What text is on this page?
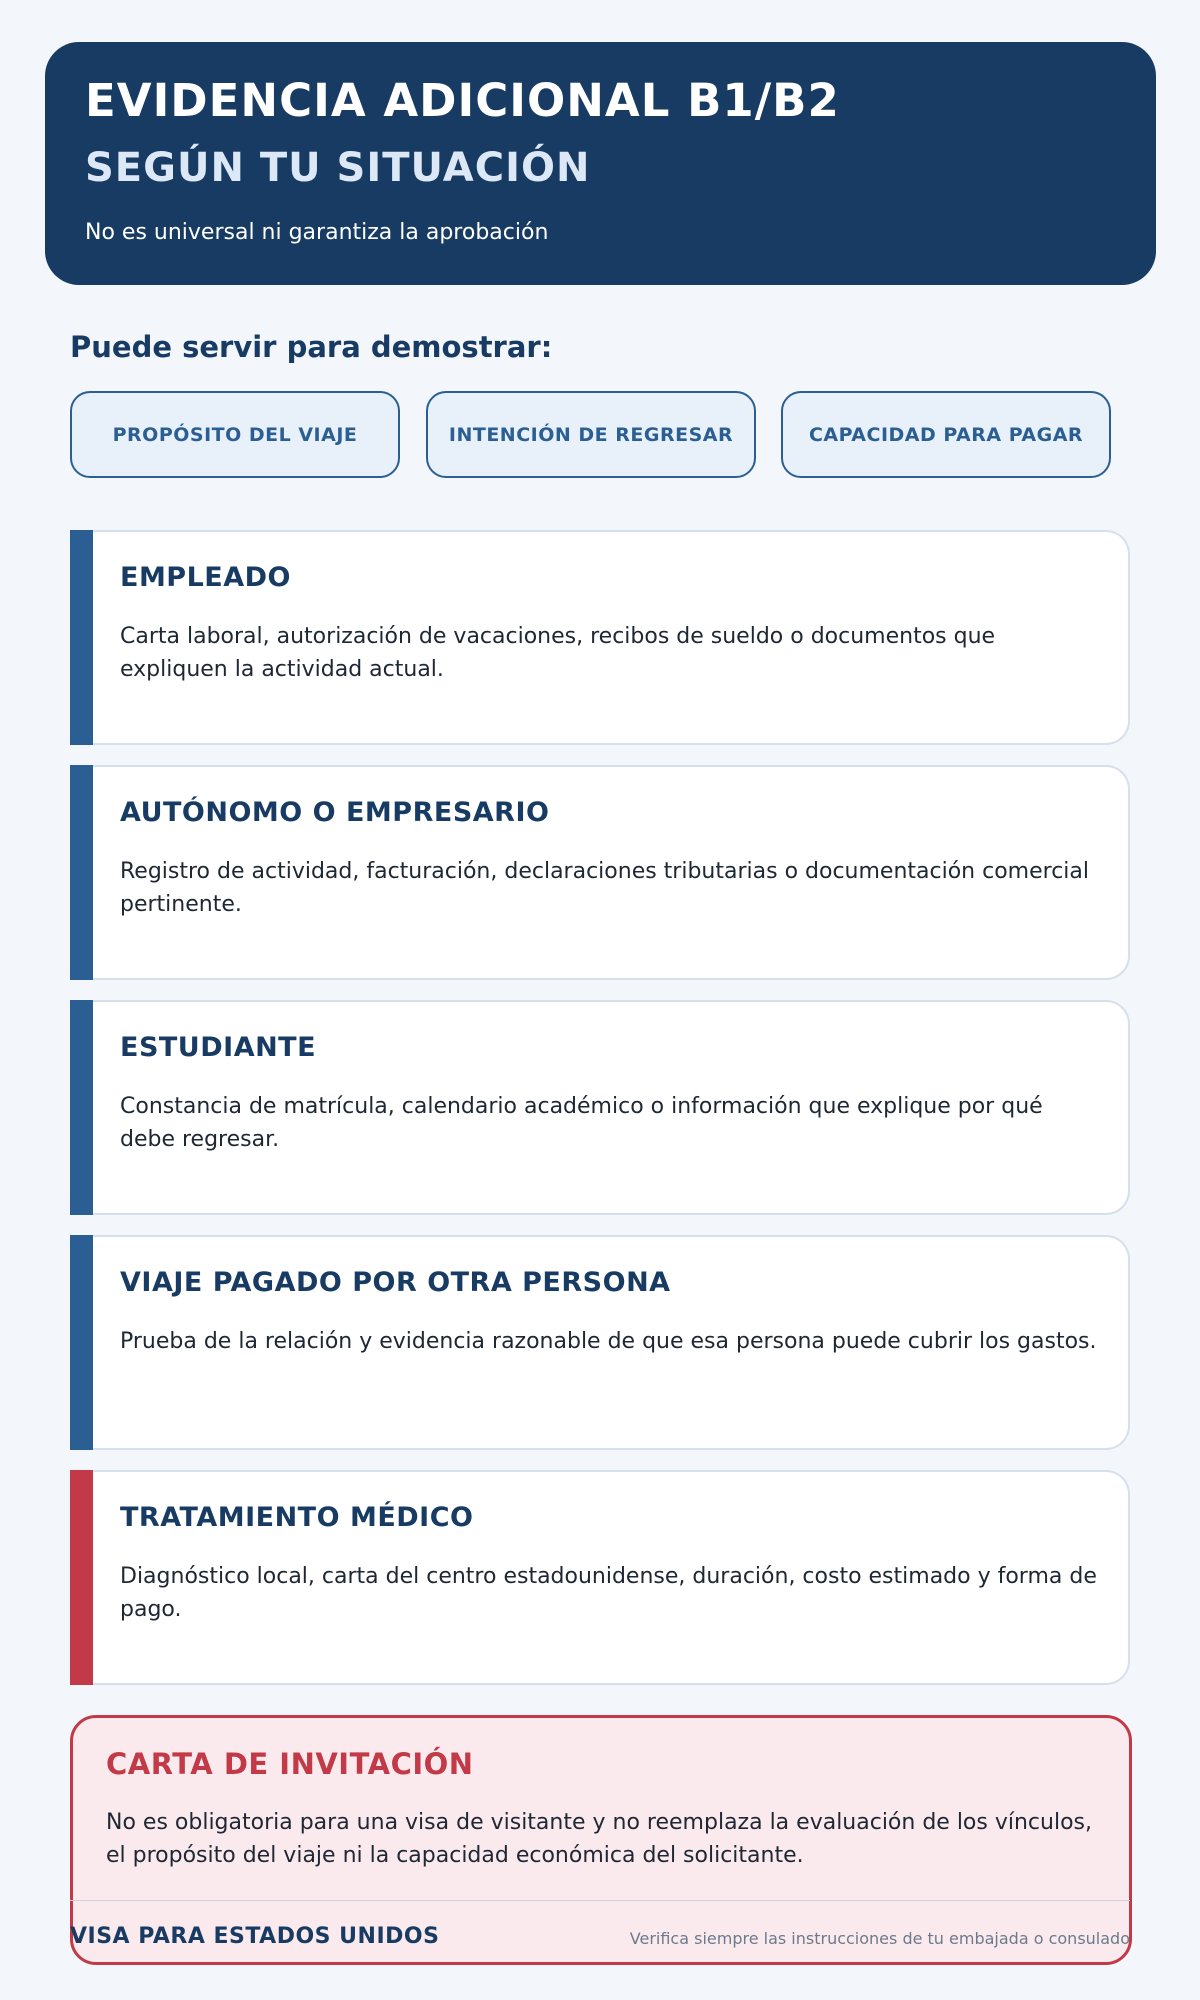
EVIDENCIA ADICIONAL B1/B2
SEGÚN TU SITUACIÓN
No es universal ni garantiza la aprobación
Puede servir para demostrar:
PROPÓSITO DEL VIAJE	INTENCIÓN DE REGRESAR	CAPACIDAD PARA PAGAR
EMPLEADO
Carta laboral, autorización de vacaciones, recibos de sueldo o documentos que expliquen la actividad actual.
AUTÓNOMO O EMPRESARIO
Registro de actividad, facturación, declaraciones tributarias o documentación comercial pertinente.
ESTUDIANTE
Constancia de matrícula, calendario académico o información que explique por qué debe regresar.
VIAJE PAGADO POR OTRA PERSONA
Prueba de la relación y evidencia razonable de que esa persona puede cubrir los gastos.
TRATAMIENTO MÉDICO
Diagnóstico local, carta del centro estadounidense, duración, costo estimado y forma de pago.
CARTA DE INVITACIÓN
No es obligatoria para una visa de visitante y no reemplaza la evaluación de los vínculos, el propósito del viaje ni la capacidad económica del solicitante.
VISA PARA ESTADOS UNIDOS	Verifica siempre las instrucciones de tu embajada o consulado
